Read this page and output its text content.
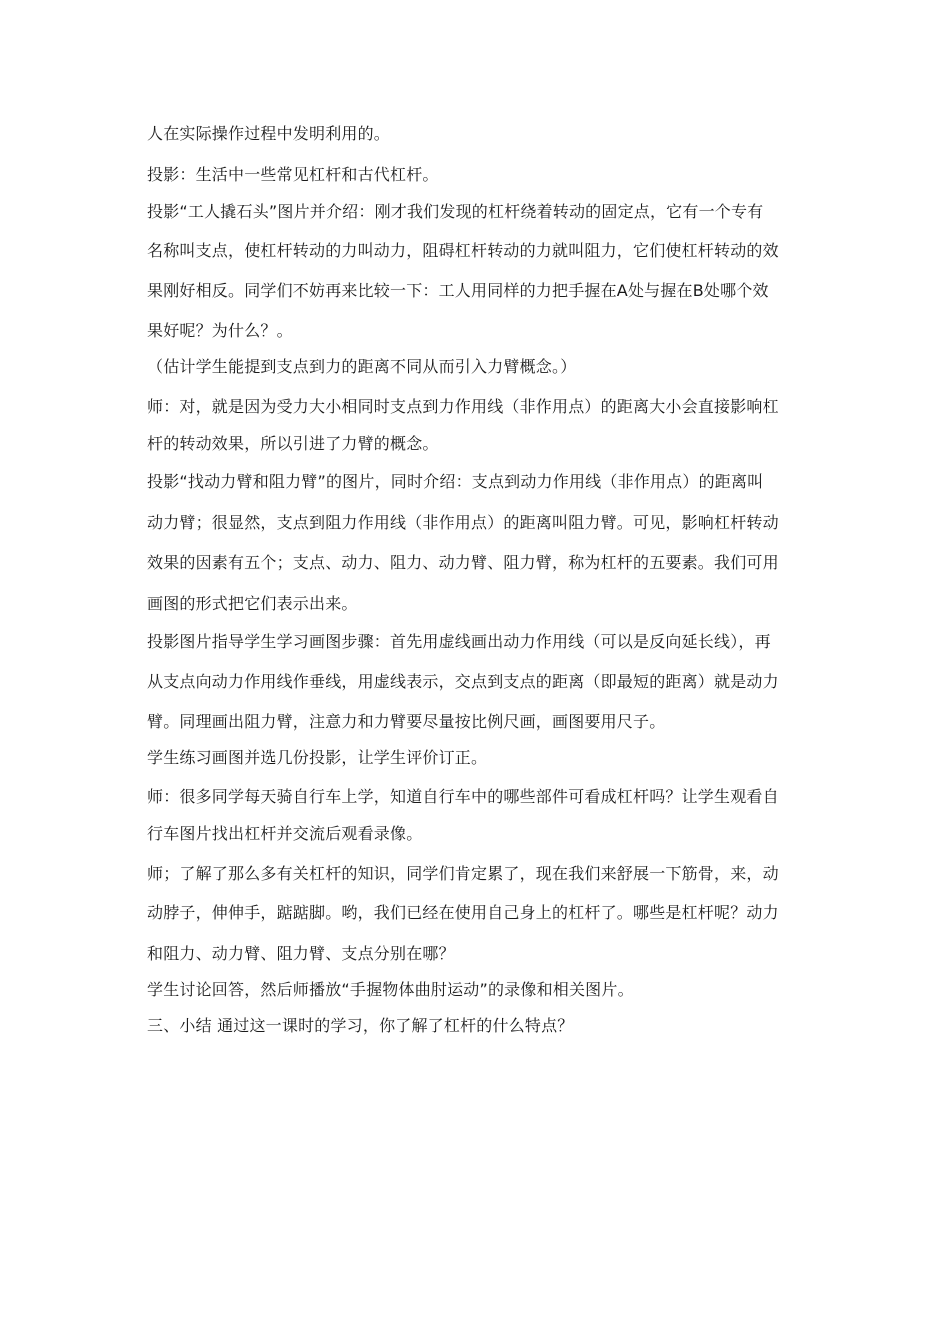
人在实际操作过程中发明利用的。
投影：生活中一些常见杠杆和古代杠杆。
投影“工人撬石头”图片并介绍：刚才我们发现的杠杆绕着转动的固定点，它有一个专有
名称叫支点，使杠杆转动的力叫动力，阻碍杠杆转动的力就叫阻力，它们使杠杆转动的效
果刚好相反。同学们不妨再来比较一下：工人用同样的力把手握在A处与握在B处哪个效
果好呢？为什么？。
（估计学生能提到支点到力的距离不同从而引入力臂概念。）
师：对，就是因为受力大小相同时支点到力作用线（非作用点）的距离大小会直接影响杠
杆的转动效果，所以引进了力臂的概念。
投影“找动力臂和阻力臂”的图片，同时介绍：支点到动力作用线（非作用点）的距离叫
动力臂；很显然，支点到阻力作用线（非作用点）的距离叫阻力臂。可见，影响杠杆转动
效果的因素有五个；支点、动力、阻力、动力臂、阻力臂，称为杠杆的五要素。我们可用
画图的形式把它们表示出来。
投影图片指导学生学习画图步骤：首先用虚线画出动力作用线（可以是反向延长线），再
从支点向动力作用线作垂线，用虚线表示，交点到支点的距离（即最短的距离）就是动力
臂。同理画出阻力臂，注意力和力臂要尽量按比例尺画，画图要用尺子。
学生练习画图并选几份投影，让学生评价订正。
师：很多同学每天骑自行车上学，知道自行车中的哪些部件可看成杠杆吗？让学生观看自
行车图片找出杠杆并交流后观看录像。
师；了解了那么多有关杠杆的知识，同学们肯定累了，现在我们来舒展一下筋骨，来，动
动脖子，伸伸手，踮踮脚。哟，我们已经在使用自己身上的杠杆了。哪些是杠杆呢？动力
和阻力、动力臂、阻力臂、支点分别在哪？
学生讨论回答，然后师播放“手握物体曲肘运动”的录像和相关图片。
三、小结 通过这一课时的学习，你了解了杠杆的什么特点？
